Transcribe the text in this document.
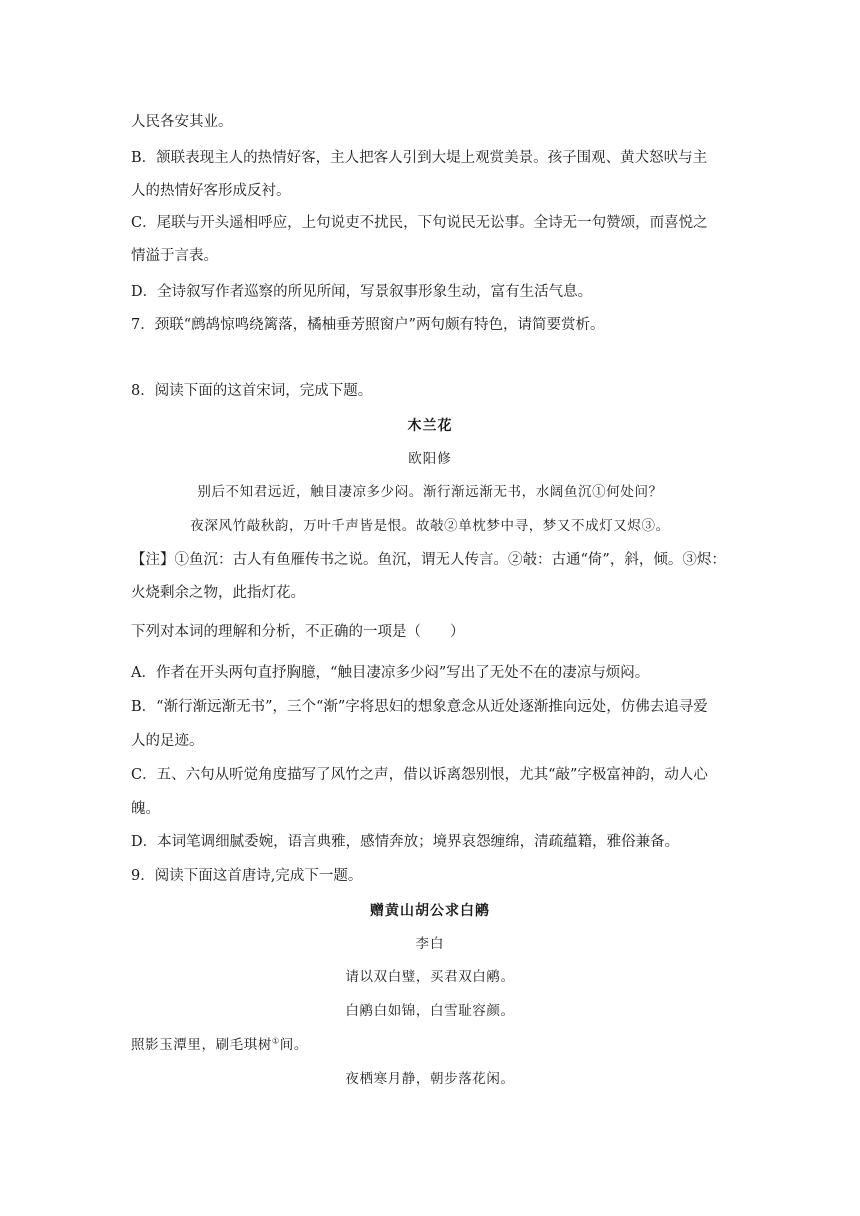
人民各安其业。
B．颔联表现主人的热情好客，主人把客人引到大堤上观赏美景。孩子围观、黄犬怒吠与主
人的热情好客形成反衬。
C．尾联与开头遥相呼应，上句说吏不扰民，下句说民无讼事。全诗无一句赞颂，而喜悦之
情溢于言表。
D．全诗叙写作者巡察的所见所闻，写景叙事形象生动，富有生活气息。
7．颈联“鹧鸪惊鸣绕篱落，橘柚垂芳照窗户”两句颇有特色，请简要赏析。
8．阅读下面的这首宋词，完成下题。
木兰花
欧阳修
别后不知君远近，触目凄凉多少闷。渐行渐远渐无书，水阔鱼沉①何处问？
夜深风竹敲秋韵，万叶千声皆是恨。故攲②单枕梦中寻，梦又不成灯又烬③。
【注】①鱼沉：古人有鱼雁传书之说。鱼沉，谓无人传言。②攲：古通“倚”，斜，倾。③烬：
火烧剩余之物，此指灯花。
下列对本词的理解和分析，不正确的一项是（　　）
A．作者在开头两句直抒胸臆，“触目凄凉多少闷”写出了无处不在的凄凉与烦闷。
B．“渐行渐远渐无书”，三个“渐”字将思妇的想象意念从近处逐渐推向远处，仿佛去追寻爱
人的足迹。
C．五、六句从听觉角度描写了风竹之声，借以诉离怨别恨，尤其“敲”字极富神韵，动人心
魄。
D．本词笔调细腻委婉，语言典雅，感情奔放；境界哀怨缠绵，清疏蕴籍，雅俗兼备。
9．阅读下面这首唐诗,完成下一题。
赠黄山胡公求白鹇
李白
请以双白璧，买君双白鹇。
白鹇白如锦，白雪耻容颜。
照影玉潭里，刷毛琪树①间。
夜栖寒月静，朝步落花闲。
